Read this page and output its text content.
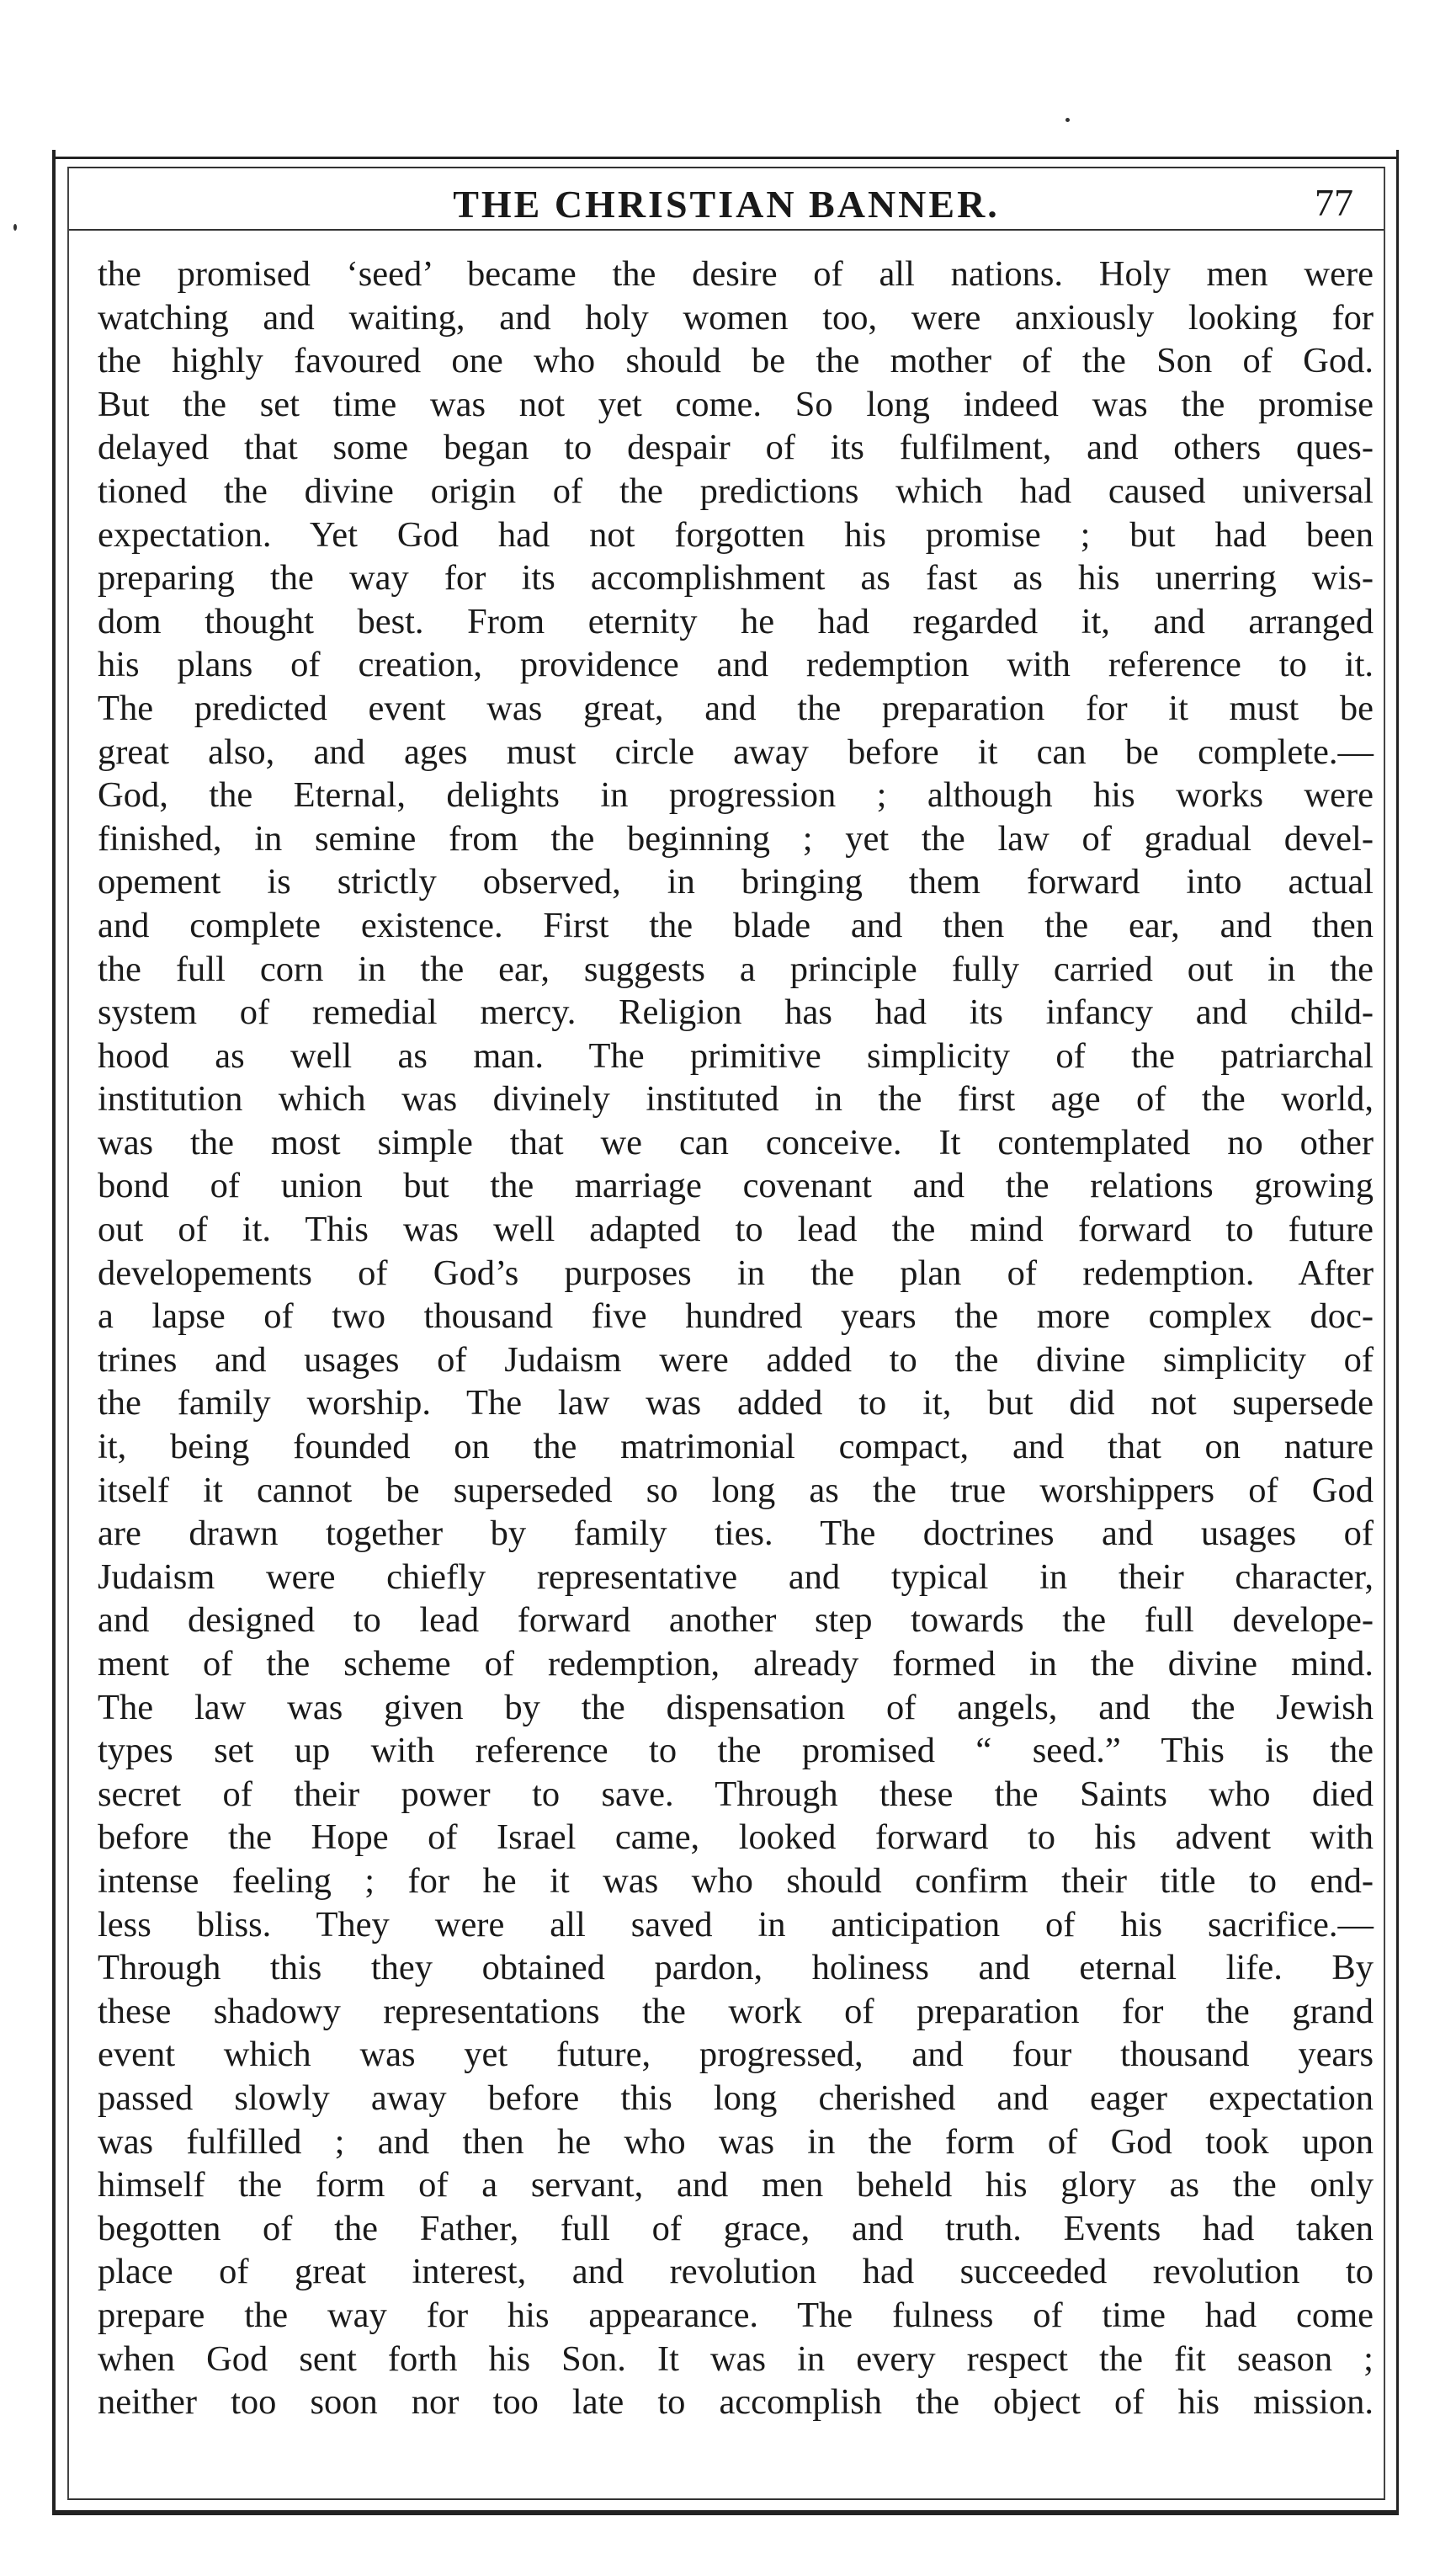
THE CHRISTIAN BANNER.	77
the promised ‘seed’ became the desire of all nations. Holy men were
watching and waiting, and holy women too, were anxiously looking for
the highly favoured one who should be the mother of the Son of God.
But the set time was not yet come. So long indeed was the promise
delayed that some began to despair of its fulfilment, and others ques-
tioned the divine origin of the predictions which had caused universal
expectation. Yet God had not forgotten his promise ; but had been
preparing the way for its accomplishment as fast as his unerring wis-
dom thought best. From eternity he had regarded it, and arranged
his plans of creation, providence and redemption with reference to it.
The predicted event was great, and the preparation for it must be
great also, and ages must circle away before it can be complete.—
God, the Eternal, delights in progression ; although his works were
finished, in semine from the beginning ; yet the law of gradual devel-
opement is strictly observed, in bringing them forward into actual
and complete existence. First the blade and then the ear, and then
the full corn in the ear, suggests a principle fully carried out in the
system of remedial mercy. Religion has had its infancy and child-
hood as well as man. The primitive simplicity of the patriarchal
institution which was divinely instituted in the first age of the world,
was the most simple that we can conceive. It contemplated no other
bond of union but the marriage covenant and the relations growing
out of it. This was well adapted to lead the mind forward to future
developements of God’s purposes in the plan of redemption. After
a lapse of two thousand five hundred years the more complex doc-
trines and usages of Judaism were added to the divine simplicity of
the family worship. The law was added to it, but did not supersede
it, being founded on the matrimonial compact, and that on nature
itself it cannot be superseded so long as the true worshippers of God
are drawn together by family ties. The doctrines and usages of
Judaism were chiefly representative and typical in their character,
and designed to lead forward another step towards the full develope-
ment of the scheme of redemption, already formed in the divine mind.
The law was given by the dispensation of angels, and the Jewish
types set up with reference to the promised “ seed.” This is the
secret of their power to save. Through these the Saints who died
before the Hope of Israel came, looked forward to his advent with
intense feeling ; for he it was who should confirm their title to end-
less bliss. They were all saved in anticipation of his sacrifice.—
Through this they obtained pardon, holiness and eternal life. By
these shadowy representations the work of preparation for the grand
event which was yet future, progressed, and four thousand years
passed slowly away before this long cherished and eager expectation
was fulfilled ; and then he who was in the form of God took upon
himself the form of a servant, and men beheld his glory as the only
begotten of the Father, full of grace, and truth. Events had taken
place of great interest, and revolution had succeeded revolution to
prepare the way for his appearance. The fulness of time had come
when God sent forth his Son. It was in every respect the fit season ;
neither too soon nor too late to accomplish the object of his mission.
